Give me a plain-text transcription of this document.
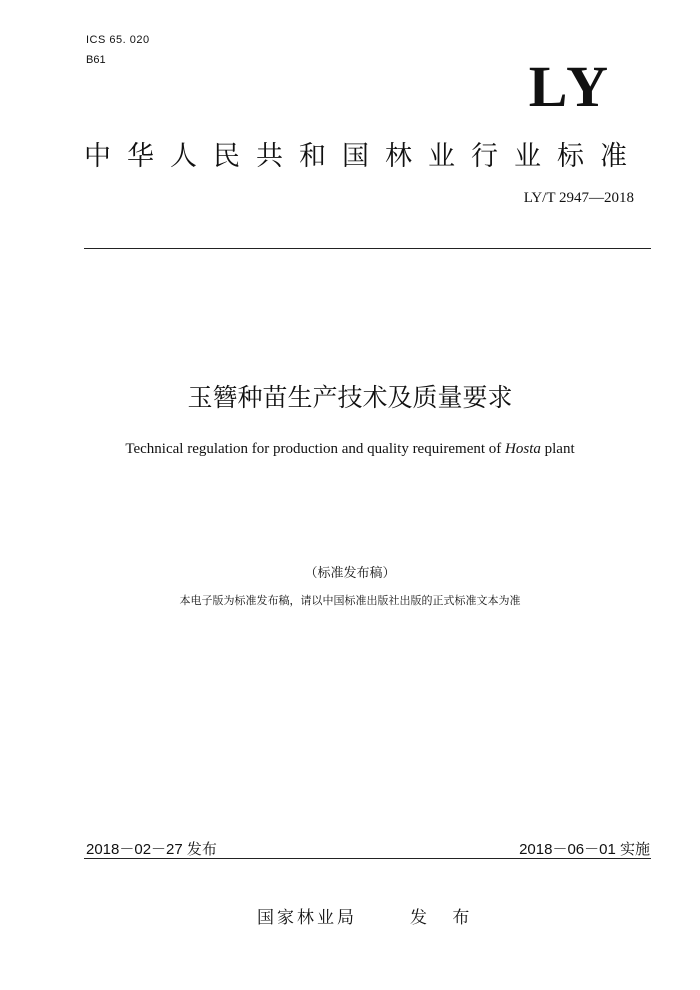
ICS 65. 020
B61	LY
中华人民共和国林业行业标准
LY/T 2947—2018
玉簪种苗生产技术及质量要求
Technical regulation for production and quality requirement of Hosta plant
（标准发布稿）
本电子版为标准发布稿，请以中国标准出版社出版的正式标准文本为准
2018－02－27 发布	2018－06－01 实施
国家林业局	发 布
